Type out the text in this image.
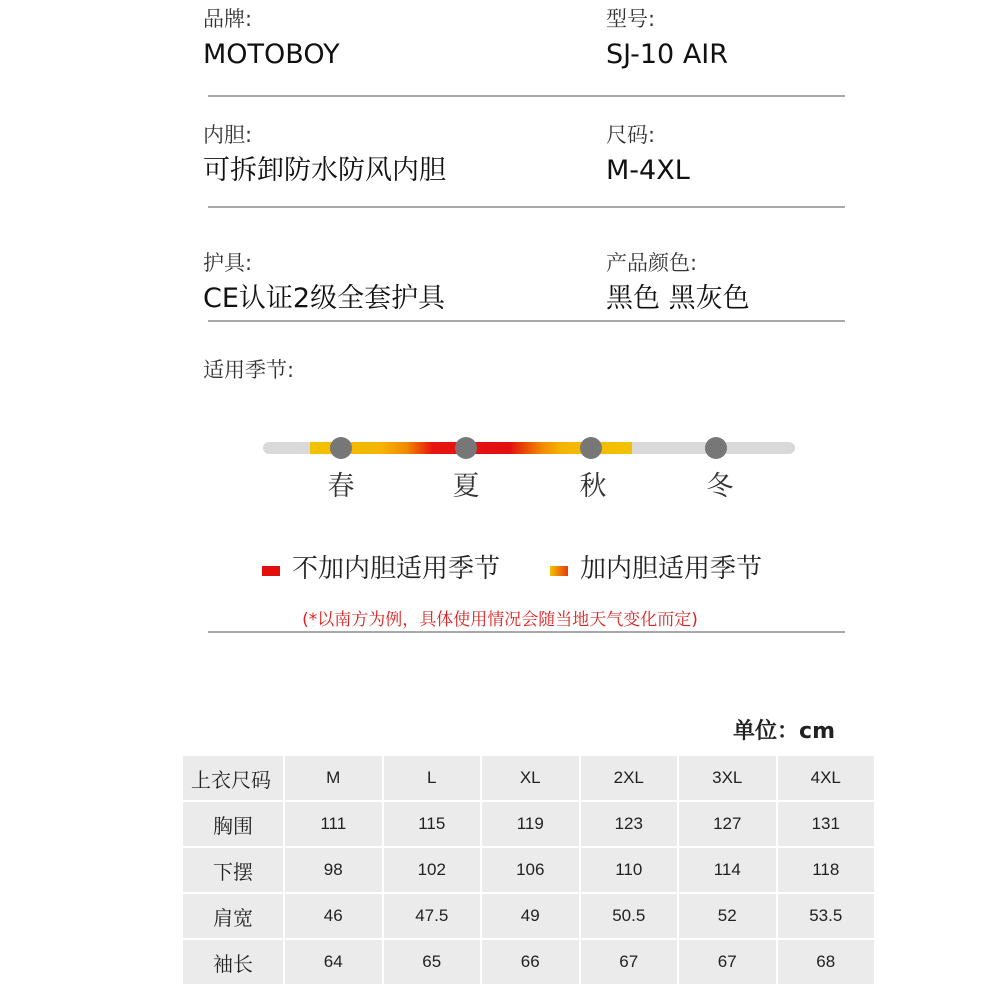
品牌:
MOTOBOY
型号:
SJ-10 AIR
内胆:
可拆卸防水防风内胆
尺码:
M-4XL
护具:
CE认证2级全套护具
产品颜色:
黑色 黑灰色
适用季节:
春	夏	秋	冬
不加内胆适用季节	加内胆适用季节
(*以南方为例，具体使用情况会随当地天气变化而定)
单位：cm
上衣尺码	M	L	XL	2XL	3XL	4XL
胸围	111	115	119	123	127	131
下摆	98	102	106	110	114	118
肩宽	46	47.5	49	50.5	52	53.5
袖长	64	65	66	67	67	68
